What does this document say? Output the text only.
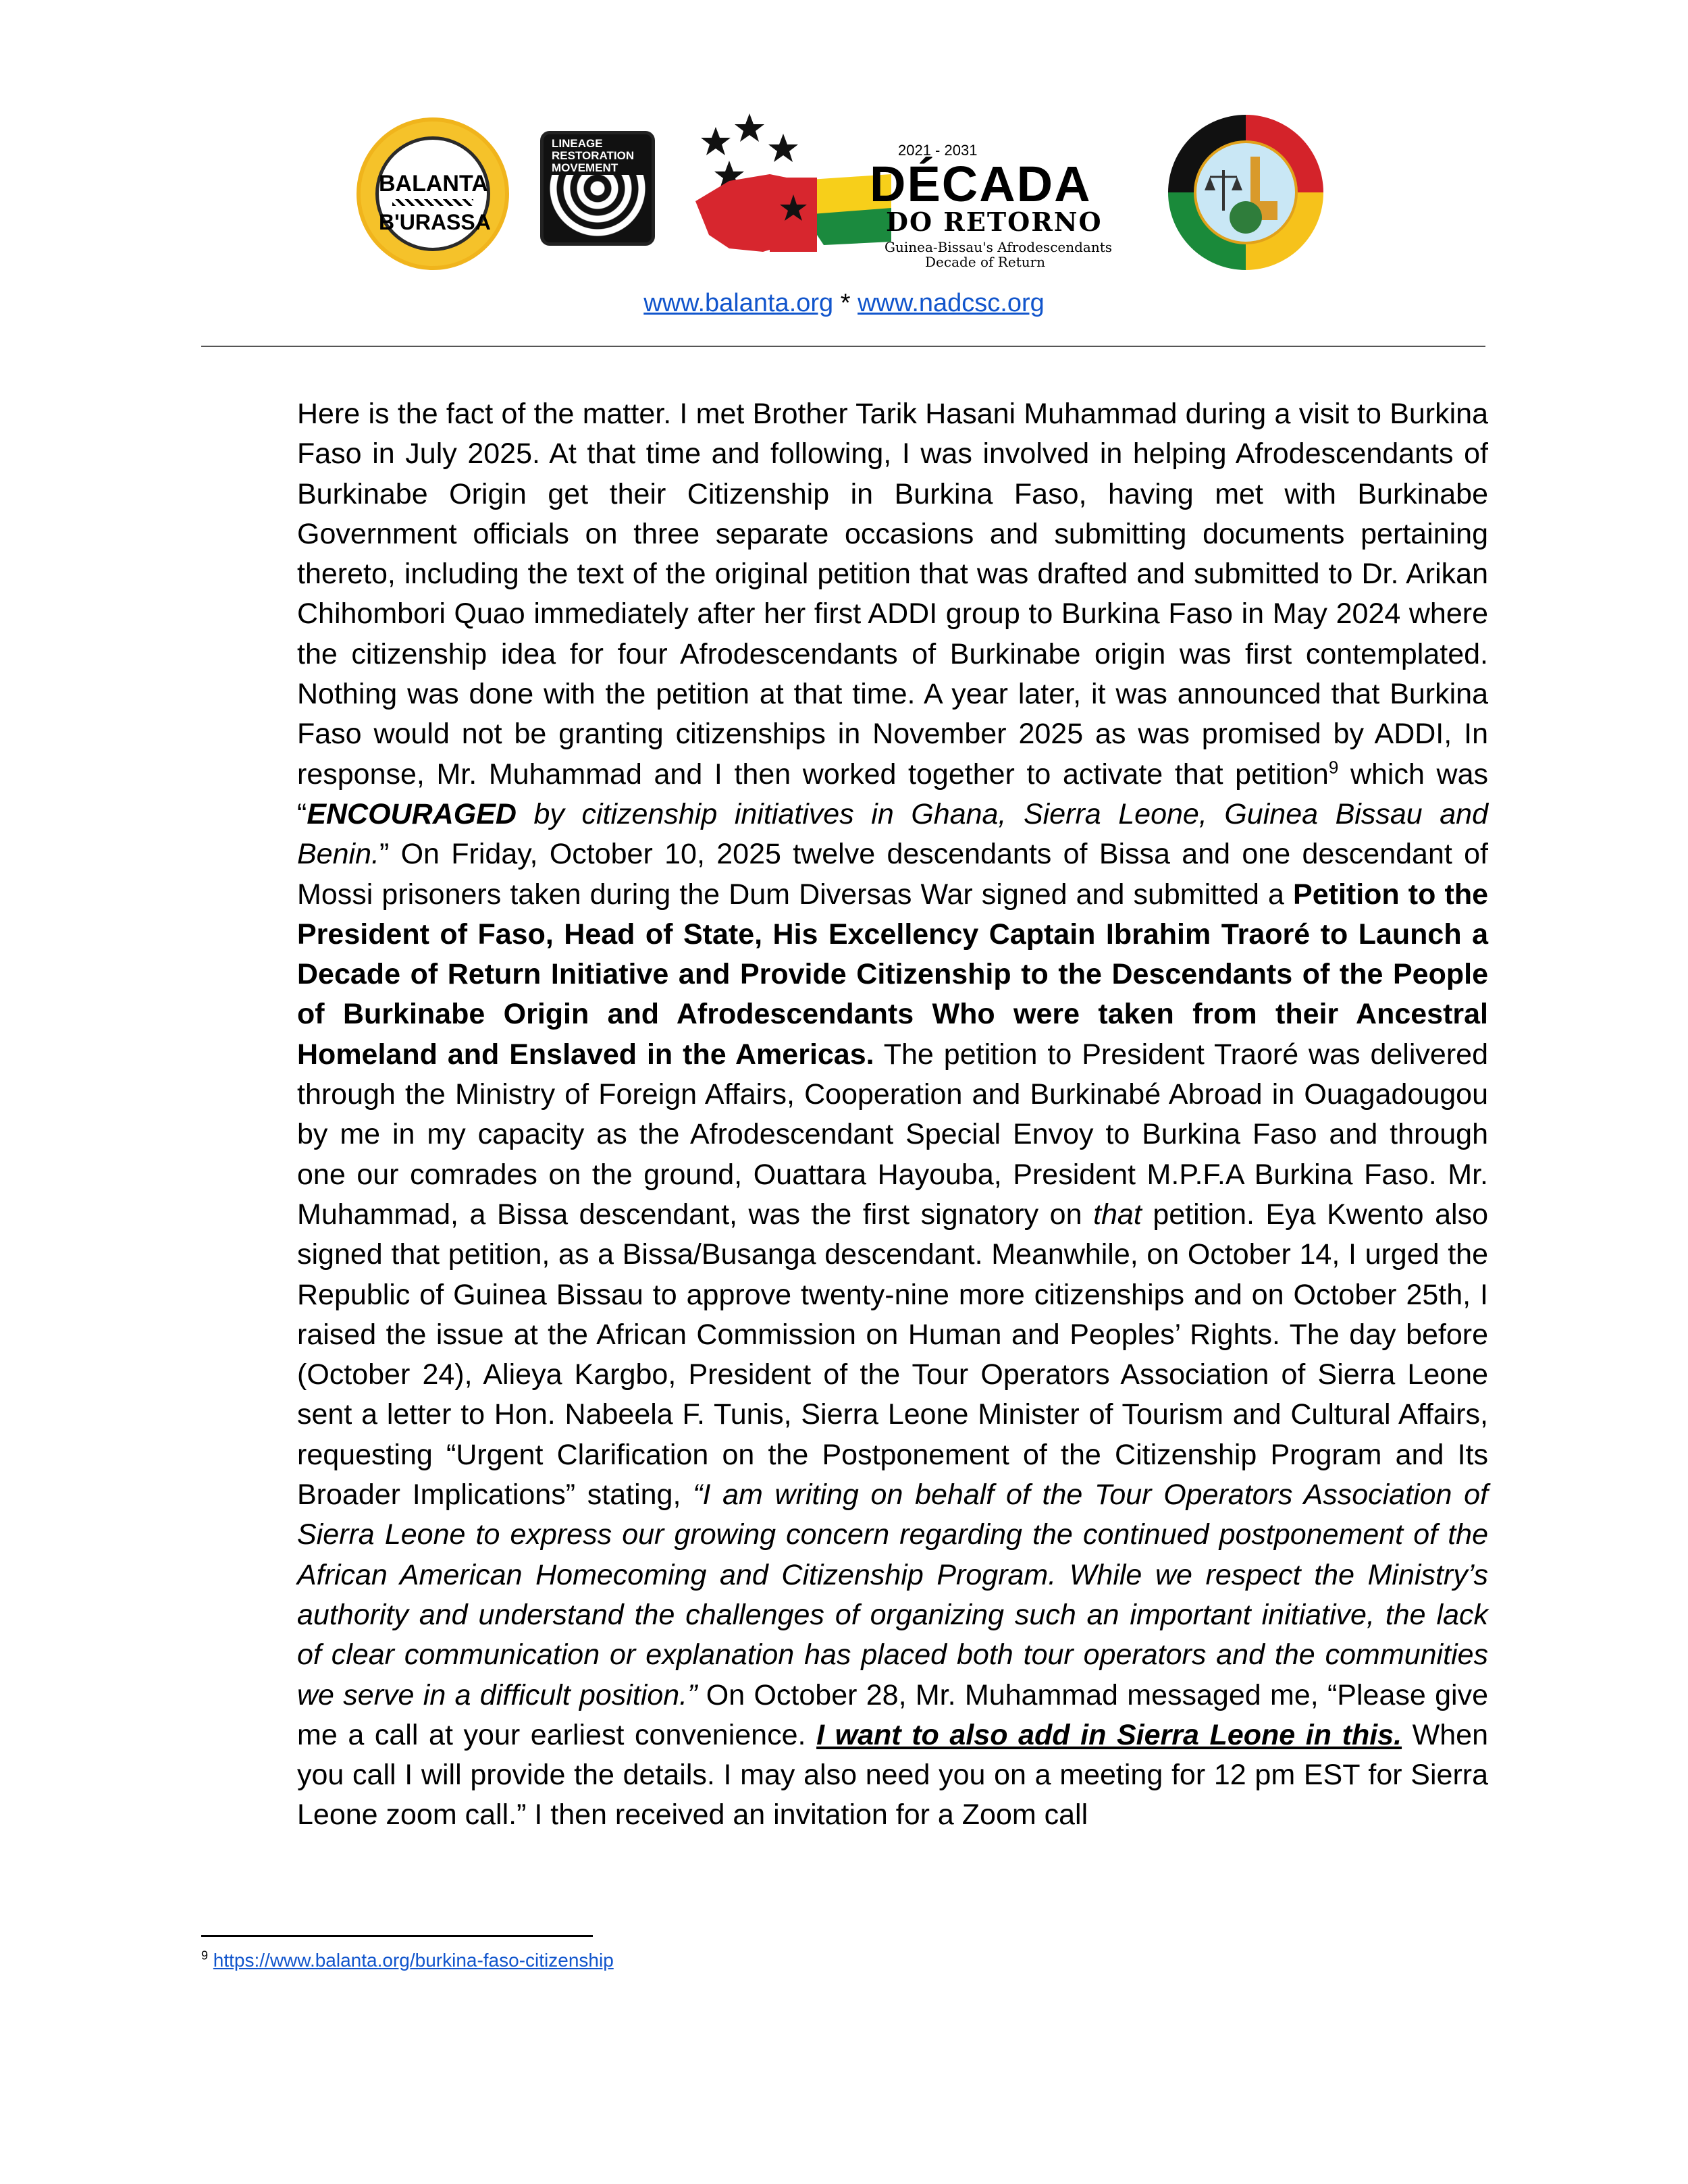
BALANTA
B'URASSA
LINEAGE RESTORATION MOVEMENT
2021 - 2031
DÉCADA
DO RETORNO
Guinea-Bissau's Afrodescendants
Decade of Return
www.balanta.org * www.nadcsc.org

Here is the fact of the matter. I met Brother Tarik Hasani Muhammad during a visit to Burkina Faso in July 2025. At that time and following, I was involved in helping Afrodescendants of Burkinabe Origin get their Citizenship in Burkina Faso, having met with Burkinabe Government officials on three separate occasions and submitting documents pertaining thereto, including the text of the original petition that was drafted and submitted to Dr. Arikan Chihombori Quao immediately after her first ADDI group to Burkina Faso in May 2024 where the citizenship idea for four Afrodescendants of Burkinabe origin was first contemplated. Nothing was done with the petition at that time. A year later, it was announced that Burkina Faso would not be granting citizenships in November 2025 as was promised by ADDI, In response, Mr. Muhammad and I then worked together to activate that petition$^9$ which was “ENCOURAGED by citizenship initiatives in Ghana, Sierra Leone, Guinea Bissau and Benin.” On Friday, October 10, 2025 twelve descendants of Bissa and one descendant of Mossi prisoners taken during the Dum Diversas War signed and submitted a Petition to the President of Faso, Head of State, His Excellency Captain Ibrahim Traoré to Launch a Decade of Return Initiative and Provide Citizenship to the Descendants of the People of Burkinabe Origin and Afrodescendants Who were taken from their Ancestral Homeland and Enslaved in the Americas. The petition to President Traoré was delivered through the Ministry of Foreign Affairs, Cooperation and Burkinabé Abroad in Ouagadougou by me in my capacity as the Afrodescendant Special Envoy to Burkina Faso and through one our comrades on the ground, Ouattara Hayouba, President M.P.F.A Burkina Faso. Mr. Muhammad, a Bissa descendant, was the first signatory on that petition. Eya Kwento also signed that petition, as a Bissa/Busanga descendant. Meanwhile, on October 14, I urged the Republic of Guinea Bissau to approve twenty-nine more citizenships and on October 25th, I raised the issue at the African Commission on Human and Peoples’ Rights. The day before (October 24), Alieya Kargbo, President of the Tour Operators Association of Sierra Leone sent a letter to Hon. Nabeela F. Tunis, Sierra Leone Minister of Tourism and Cultural Affairs, requesting “Urgent Clarification on the Postponement of the Citizenship Program and Its Broader Implications” stating, “I am writing on behalf of the Tour Operators Association of Sierra Leone to express our growing concern regarding the continued postponement of the African American Homecoming and Citizenship Program. While we respect the Ministry’s authority and understand the challenges of organizing such an important initiative, the lack of clear communication or explanation has placed both tour operators and the communities we serve in a difficult position.” On October 28, Mr. Muhammad messaged me, “Please give me a call at your earliest convenience. I want to also add in Sierra Leone in this. When you call I will provide the details. I may also need you on a meeting for 12 pm EST for Sierra Leone zoom call.” I then received an invitation for a Zoom call

$^9$ https://www.balanta.org/burkina-faso-citizenship
